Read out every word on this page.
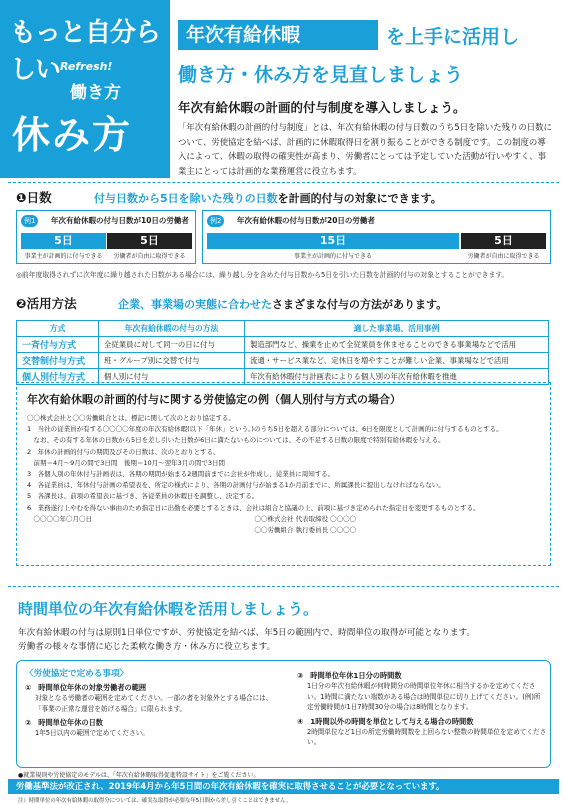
もっと自分らしい Refresh!
働き方
休み方
年次有給休暇	を上手に活用し
働き方・休み方を見直しましょう
年次有給休暇の計画的付与制度を導入しましょう。
「年次有給休暇の計画的付与制度」とは、年次有給休暇の付与日数のうち5日を除いた残りの日数について、労使協定を結べば、計画的に休暇取得日を割り振ることができる制度です。この制度の導入によって、休暇の取得の確実性が高まり、労働者にとっては予定していた活動が行いやすく、事業主にとっては計画的な業務運営に役立ちます。
❶日数	付与日数から5日を除いた残りの日数を計画的付与の対象にできます。
例1	年次有給休暇の付与日数が10日の労働者
5日	5日
事業主が計画的に付与できる	労働者が自由に取得できる
例2	年次有給休暇の付与日数が20日の労働者
15日	5日
事業主が計画的に付与できる	労働者が自由に取得できる
◎前年度取得されずに次年度に繰り越された日数がある場合には、繰り越し分を含めた付与日数から5日を引いた日数を計画的付与の対象とすることができます。
❷活用方法	企業、事業場の実態に合わせたさまざまな付与の方法があります。
方式	年次有給休暇の付与の方法	適した事業場、活用事例
一斉付与方式	全従業員に対して同一の日に付与	製造部門など、操業を止めて全従業員を休ませることのできる事業場などで活用
交替制付与方式	班・グループ別に交替で付与	流通・サービス業など、定休日を増やすことが難しい企業、事業場などで活用
個人別付与方式	個人別に付与	年次有給休暇付与計画表によりる個人別の年次有給休暇を推進
年次有給休暇の計画的付与に関する労使協定の例（個人別付与方式の場合）
〇〇株式会社と〇〇労働組合とは、標記に関して次のとおり協定する。
1　当社の従業員が有する〇〇〇〇年度の年次有給休暇(以下「年休」という。)のうち5日を超える部分については、6日を限度として計画的に付与するものとする。
　なお、その有する年休の日数から5日を差し引いた日数が6日に満たないものについては、その不足する日数の限度で特別有給休暇を与える。
2　年休の計画的付与の期間及びその日数は、次のとおりとする。
　前期＝4月〜9月の間で3日間　後期＝10月〜翌年3月の間で3日間
3　各個人別の年休付与計画表は、各期の期間が始まる2週間前までに会社が作成し、従業員に周知する。
4　各従業員は、年休付与計画の希望表を、所定の様式により、各期の計画付与が始まる1か月前までに、所属課長に提出しなければならない。
5　各課長は、前項の希望表に基づき、各従業員の休暇日を調整し、決定する。
6　業務遂行上やむを得ない事由のため指定日に出勤を必要とするときは、会社は組合と協議の上、前項に基づき定められた指定日を変更するものとする。
　〇〇〇〇年〇月〇日　　　　　　　　　　　　　　　　　　　　　　　　　〇〇株式会社 代表取締役 〇〇〇〇
　　　　　　　　　　　　　　　　　　　　　　　　　　　　　　　　　　　〇〇労働組合 執行委員長 〇〇〇〇
時間単位の年次有給休暇を活用しましょう。
年次有給休暇の付与は原則1日単位ですが、労使協定を結べば、年5日の範囲内で、時間単位の取得が可能となります。
労働者の様々な事情に応じた柔軟な働き方・休み方に役立ちます。
〈労使協定で定める事項〉
①　時間単位年休の対象労働者の範囲
対象となる労働者の範囲を定めてください。一部の者を対象外とする場合には、「事業の正常な運営を妨げる場合」に限られます。
②　時間単位年休の日数
1年5日以内の範囲で定めてください。
③　時間単位年休1日分の時間数
1日分の年次有給休暇が何時間分の時間単位年休に相当するかを定めてください。1時間に満たない端数がある場合は時間単位に切り上げてください。(例)所定労働時間が1日7時間30分の場合は8時間となります。
④　1時間以外の時間を単位として与える場合の時間数
2時間単位など1日の所定労働時間数を上回らない整数の時間単位を定めてください。
●就業規則や労使協定のモデルは、「年次有給休暇取得促進特設サイト」をご覧ください。
労働基準法が改正され、2019年4月から年5日間の年次有給休暇を確実に取得させることが必要となっています。
注）時間単位の年次有給休暇の取得分については、確実な取得が必要な年5日間から差し引くことはできません。
